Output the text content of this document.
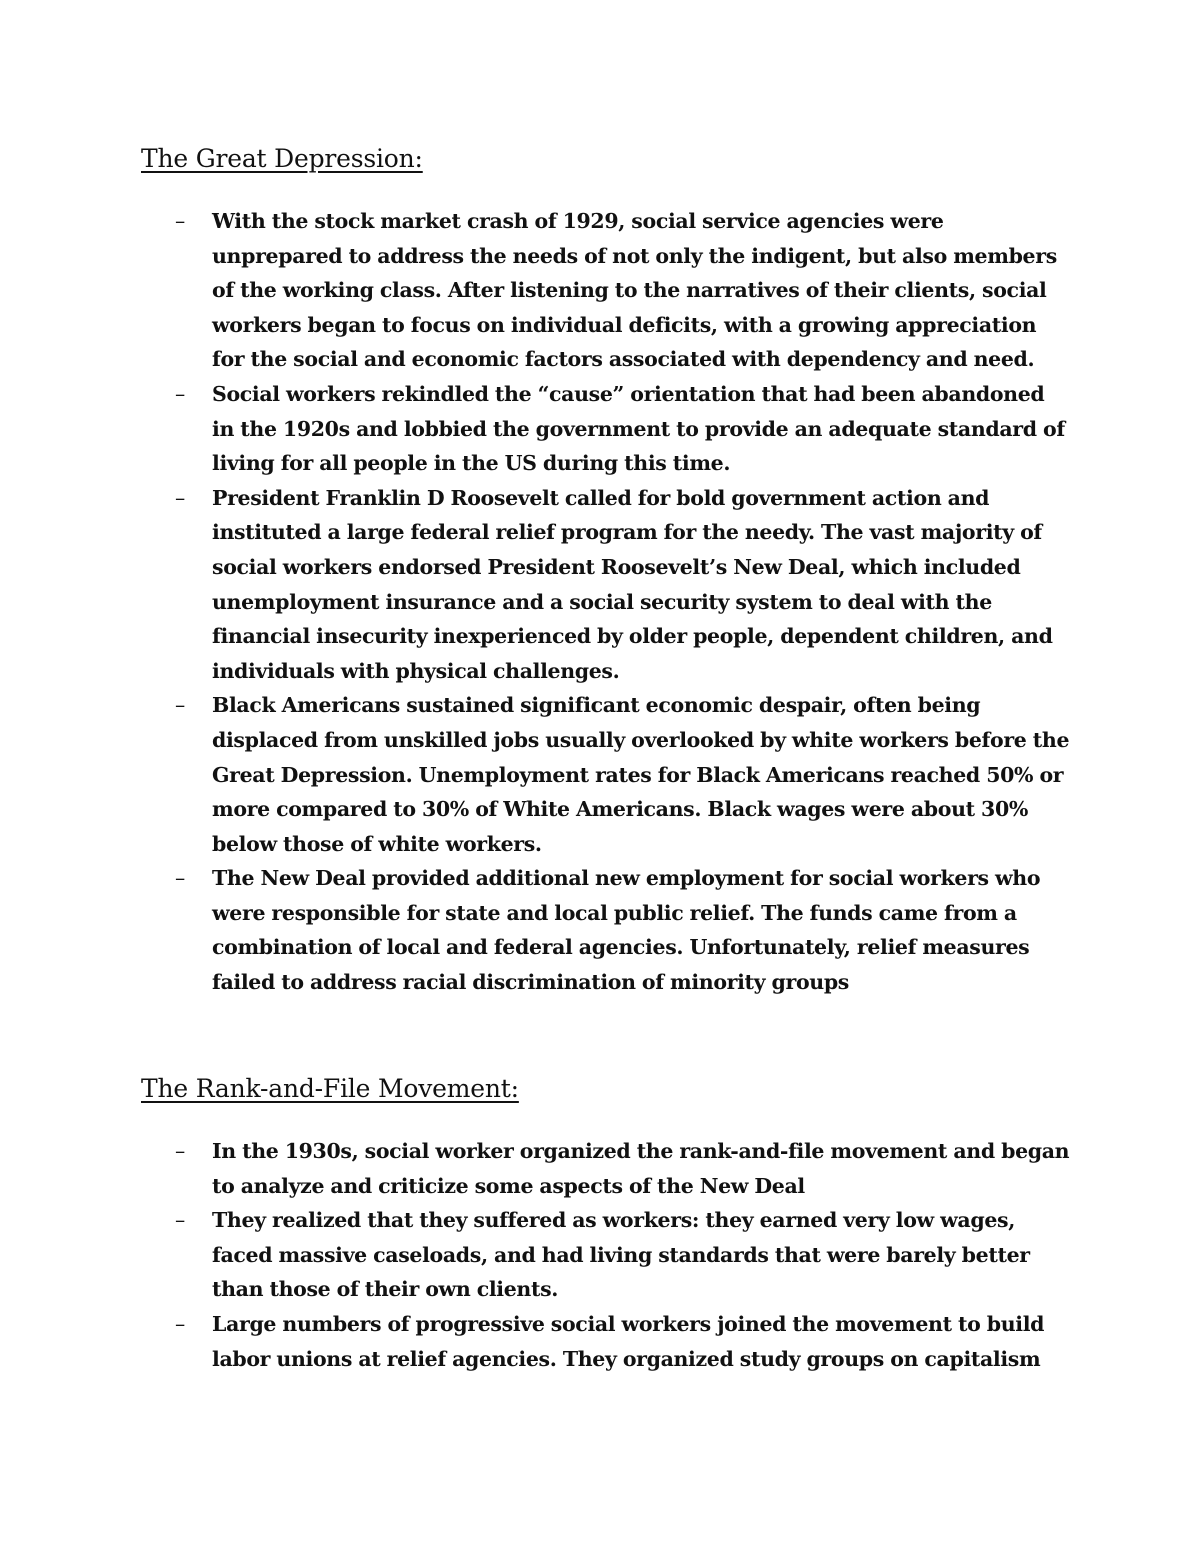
The Great Depression:
– With the stock market crash of 1929, social service agencies were unprepared to address the needs of not only the indigent, but also members of the working class. After listening to the narratives of their clients, social workers began to focus on individual deficits, with a growing appreciation for the social and economic factors associated with dependency and need.
– Social workers rekindled the “cause” orientation that had been abandoned in the 1920s and lobbied the government to provide an adequate standard of living for all people in the US during this time.
– President Franklin D Roosevelt called for bold government action and instituted a large federal relief program for the needy. The vast majority of social workers endorsed President Roosevelt’s New Deal, which included unemployment insurance and a social security system to deal with the financial insecurity inexperienced by older people, dependent children, and individuals with physical challenges.
– Black Americans sustained significant economic despair, often being displaced from unskilled jobs usually overlooked by white workers before the Great Depression. Unemployment rates for Black Americans reached 50% or more compared to 30% of White Americans. Black wages were about 30% below those of white workers.
– The New Deal provided additional new employment for social workers who were responsible for state and local public relief. The funds came from a combination of local and federal agencies. Unfortunately, relief measures failed to address racial discrimination of minority groups
The Rank-and-File Movement:
– In the 1930s, social worker organized the rank-and-file movement and began to analyze and criticize some aspects of the New Deal
– They realized that they suffered as workers: they earned very low wages, faced massive caseloads, and had living standards that were barely better than those of their own clients.
– Large numbers of progressive social workers joined the movement to build labor unions at relief agencies. They organized study groups on capitalism
